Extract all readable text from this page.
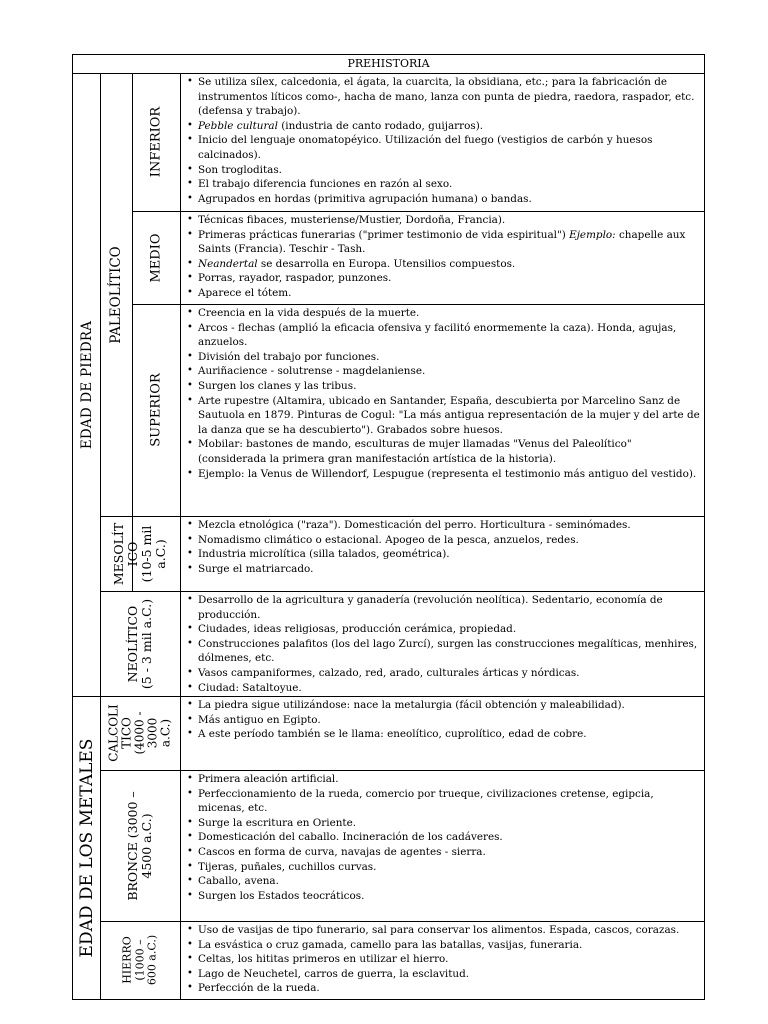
PREHISTORIA
EDAD DE PIEDRA
EDAD DE LOS METALES
PALEOLÍTICO
INFERIOR
• Se utiliza sílex, calcedonia, el ágata, la cuarcita, la obsidiana, etc.; para la fabricación de instrumentos líticos como-, hacha de mano, lanza con punta de piedra, raedora, raspador, etc. (defensa y trabajo).
• Pebble cultural (industria de canto rodado, guijarros).
• Inicio del lenguaje onomatopéyico. Utilización del fuego (vestigios de carbón y huesos calcinados).
• Son trogloditas.
• El trabajo diferencia funciones en razón al sexo.
• Agrupados en hordas (primitiva agrupación humana) o bandas.
MEDIO
• Técnicas fibaces, musteriense/Mustier, Dordoña, Francia).
• Primeras prácticas funerarias ("primer testimonio de vida espiritual") Ejemplo: chapelle aux Saints (Francia). Teschir - Tash.
• Neandertal se desarrolla en Europa. Utensilios compuestos.
• Porras, rayador, raspador, punzones.
• Aparece el tótem.
SUPERIOR
• Creencia en la vida después de la muerte.
• Arcos - flechas (amplió la eficacia ofensiva y facilitó enormemente la caza). Honda, agujas, anzuelos.
• División del trabajo por funciones.
• Auriñacience - solutrense - magdelaniense.
• Surgen los clanes y las tribus.
• Arte rupestre (Altamira, ubicado en Santander, España, descubierta por Marcelino Sanz de Sautuola en 1879. Pinturas de Cogul: "La más antigua representación de la mujer y del arte de la danza que se ha descubierto"). Grabados sobre huesos.
• Mobilar: bastones de mando, esculturas de mujer llamadas "Venus del Paleolítico" (considerada la primera gran manifestación artística de la historia).
• Ejemplo: la Venus de Willendorf, Lespugue (representa el testimonio más antiguo del vestido).
MESOLÍT ICO (10-5 mil a.C.)
• Mezcla etnológica ("raza"). Domesticación del perro. Horticultura - seminómades.
• Nomadismo climático o estacional. Apogeo de la pesca, anzuelos, redes.
• Industria microlítica (silla talados, geométrica).
• Surge el matriarcado.
NEOLÍTICO (5 - 3 mil a.C.)
•	Desarrollo de la agricultura y ganadería (revolución neolítica). Sedentario, economía de producción.
• Ciudades, ideas religiosas, producción cerámica, propiedad.
• Construcciones palafitos (los del lago Zurcí), surgen las construcciones megalíticas, menhires, dólmenes, etc.
• Vasos campaniformes, calzado, red, arado, culturales árticas y nórdicas.
• Ciudad: Sataltoyue.
CALCOLI TICO (4000 - 3000 a.C.)
• La piedra sigue utilizándose: nace la metalurgia (fácil obtención y maleabilidad).
• Más antiguo en Egipto.
• A este período también se le llama: eneolítico, cuprolítico, edad de cobre.
BRONCE (3000 – 4500 a.C.)
• Primera aleación artificial.
• Perfeccionamiento de la rueda, comercio por trueque, civilizaciones cretense, egipcia, micenas, etc.
• Surge la escritura en Oriente.
• Domesticación del caballo. Incineración de los cadáveres.
• Cascos en forma de curva, navajas de agentes - sierra.
• Tijeras, puñales, cuchillos curvas.
• Caballo, avena.
• Surgen los Estados teocráticos.
HIERRO (1000 – 600 a.C.)
• Uso de vasijas de tipo funerario, sal para conservar los alimentos. Espada, cascos, corazas.
• La esvástica o cruz gamada, camello para las batallas, vasijas, funeraria.
• Celtas, los hititas primeros en utilizar el hierro.
• Lago de Neuchetel, carros de guerra, la esclavitud.
• Perfección de la rueda.
